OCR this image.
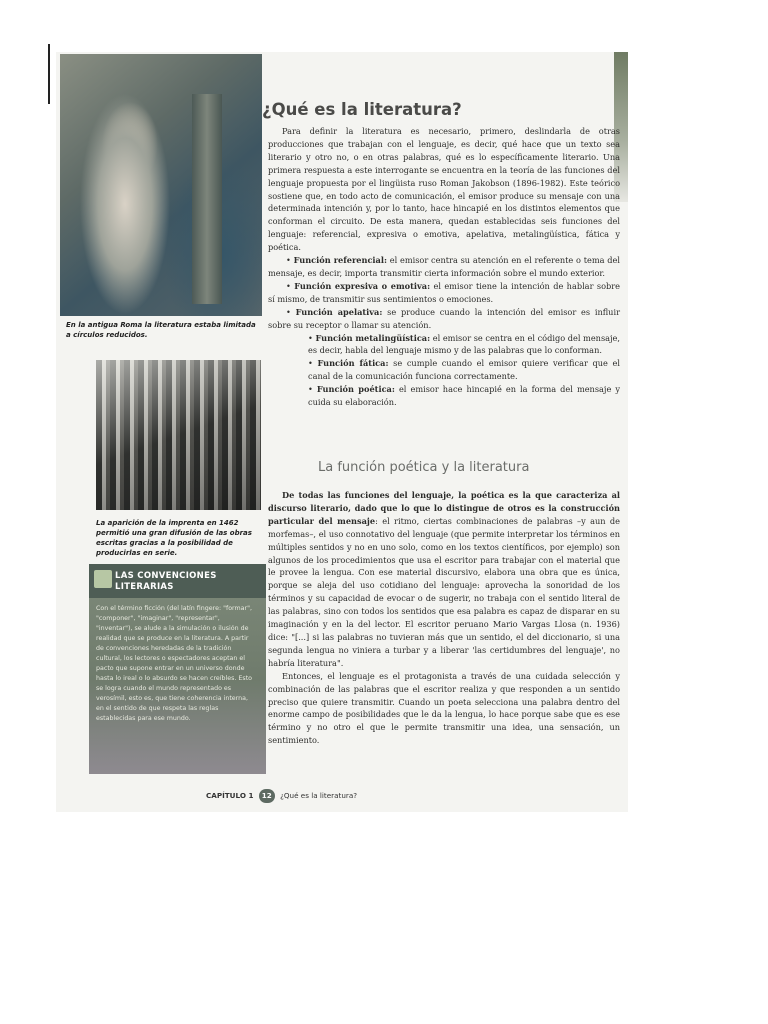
En la antigua Roma la literatura estaba limitada a círculos reducidos.
La aparición de la imprenta en 1462 permitió una gran difusión de las obras escritas gracias a la posibilidad de producirlas en serie.
LAS CONVENCIONES LITERARIAS
Con el término ficción (del latín fingere: "formar", "componer", "imaginar", "representar", "inventar"), se alude a la simulación o ilusión de realidad que se produce en la literatura. A partir de convenciones heredadas de la tradición cultural, los lectores o espectadores aceptan el pacto que supone entrar en un universo donde hasta lo ireal o lo absurdo se hacen creíbles. Esto se logra cuando el mundo representado es verosímil, esto es, que tiene coherencia interna, en el sentido de que respeta las reglas establecidas para ese mundo.
¿Qué es la literatura?

Para definir la literatura es necesario, primero, deslindarla de otras producciones que trabajan con el lenguaje, es decir, qué hace que un texto sea literario y otro no, o en otras palabras, qué es lo específicamente literario. Una primera respuesta a este interrogante se encuentra en la teoría de las funciones del lenguaje propuesta por el lingüista ruso Roman Jakobson (1896-1982). Este teórico sostiene que, en todo acto de comunicación, el emisor produce su mensaje con una determinada intención y, por lo tanto, hace hincapié en los distintos elementos que conforman el circuito. De esta manera, quedan establecidas seis funciones del lenguaje: referencial, expresiva o emotiva, apelativa, metalingüística, fática y poética.

• Función referencial: el emisor centra su atención en el referente o tema del mensaje, es decir, importa transmitir cierta información sobre el mundo exterior.

• Función expresiva o emotiva: el emisor tiene la intención de hablar sobre sí mismo, de transmitir sus sentimientos o emociones.

• Función apelativa: se produce cuando la intención del emisor es influir sobre su receptor o llamar su atención.

• Función metalingüística: el emisor se centra en el código del mensaje, es decir, habla del lenguaje mismo y de las palabras que lo conforman.

• Función fática: se cumple cuando el emisor quiere verificar que el canal de la comunicación funciona correctamente.

• Función poética: el emisor hace hincapié en la forma del mensaje y cuida su elaboración.

La función poética y la literatura

De todas las funciones del lenguaje, la poética es la que caracteriza al discurso literario, dado que lo que lo distingue de otros es la construcción particular del mensaje: el ritmo, ciertas combinaciones de palabras –y aun de morfemas–, el uso connotativo del lenguaje (que permite interpretar los términos en múltiples sentidos y no en uno solo, como en los textos científicos, por ejemplo) son algunos de los procedimientos que usa el escritor para trabajar con el material que le provee la lengua. Con ese material discursivo, elabora una obra que es única, porque se aleja del uso cotidiano del lenguaje: aprovecha la sonoridad de los términos y su capacidad de evocar o de sugerir, no trabaja con el sentido literal de las palabras, sino con todos los sentidos que esa palabra es capaz de disparar en su imaginación y en la del lector. El escritor peruano Mario Vargas Llosa (n. 1936) dice: "[...] si las palabras no tuvieran más que un sentido, el del diccionario, si una segunda lengua no viniera a turbar y a liberar 'las certidumbres del lenguaje', no habría literatura".

Entonces, el lenguaje es el protagonista a través de una cuidada selección y combinación de las palabras que el escritor realiza y que responden a un sentido preciso que quiere transmitir. Cuando un poeta selecciona una palabra dentro del enorme campo de posibilidades que le da la lengua, lo hace porque sabe que es ese término y no otro el que le permite transmitir una idea, una sensación, un sentimiento.

CAPÍTULO 1 12 ¿Qué es la literatura?
